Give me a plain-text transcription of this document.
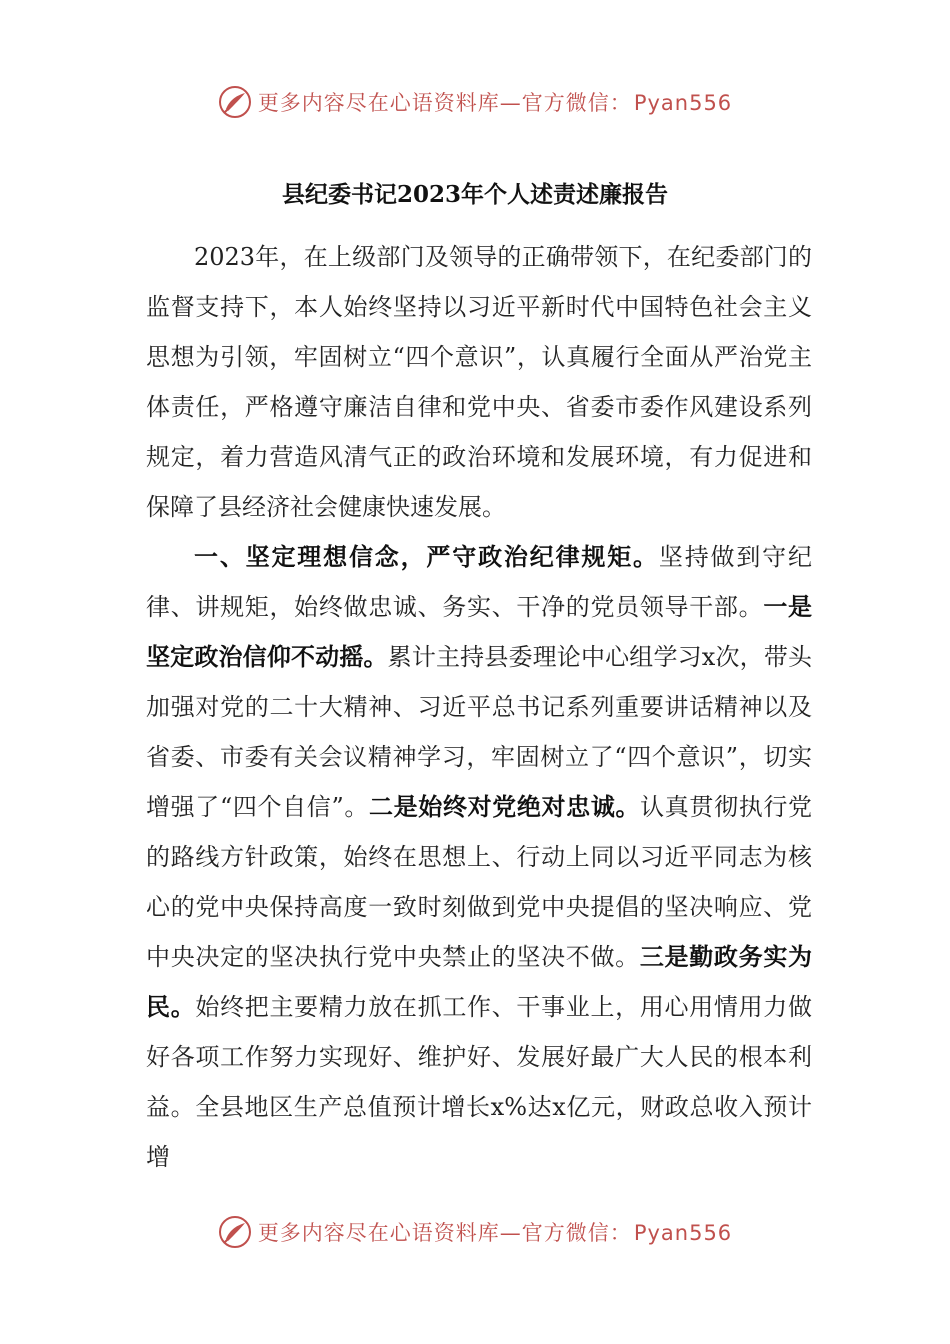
更多内容尽在心语资料库—官方微信：Pyan556
县纪委书记2023年个人述责述廉报告

2023年，在上级部门及领导的正确带领下，在纪委部门的监督支持下，本人始终坚持以习近平新时代中国特色社会主义思想为引领，牢固树立“四个意识”，认真履行全面从严治党主体责任，严格遵守廉洁自律和党中央、省委市委作风建设系列规定，着力营造风清气正的政治环境和发展环境，有力促进和保障了县经济社会健康快速发展。

一、坚定理想信念，严守政治纪律规矩。坚持做到守纪律、讲规矩，始终做忠诚、务实、干净的党员领导干部。一是坚定政治信仰不动摇。累计主持县委理论中心组学习x次，带头加强对党的二十大精神、习近平总书记系列重要讲话精神以及省委、市委有关会议精神学习，牢固树立了“四个意识”，切实增强了“四个自信”。二是始终对党绝对忠诚。认真贯彻执行党的路线方针政策，始终在思想上、行动上同以习近平同志为核心的党中央保持高度一致时刻做到党中央提倡的坚决响应、党中央决定的坚决执行党中央禁止的坚决不做。三是勤政务实为民。始终把主要精力放在抓工作、干事业上，用心用情用力做好各项工作努力实现好、维护好、发展好最广大人民的根本利益。全县地区生产总值预计增长x%达x亿元，财政总收入预计增

更多内容尽在心语资料库—官方微信：Pyan556
